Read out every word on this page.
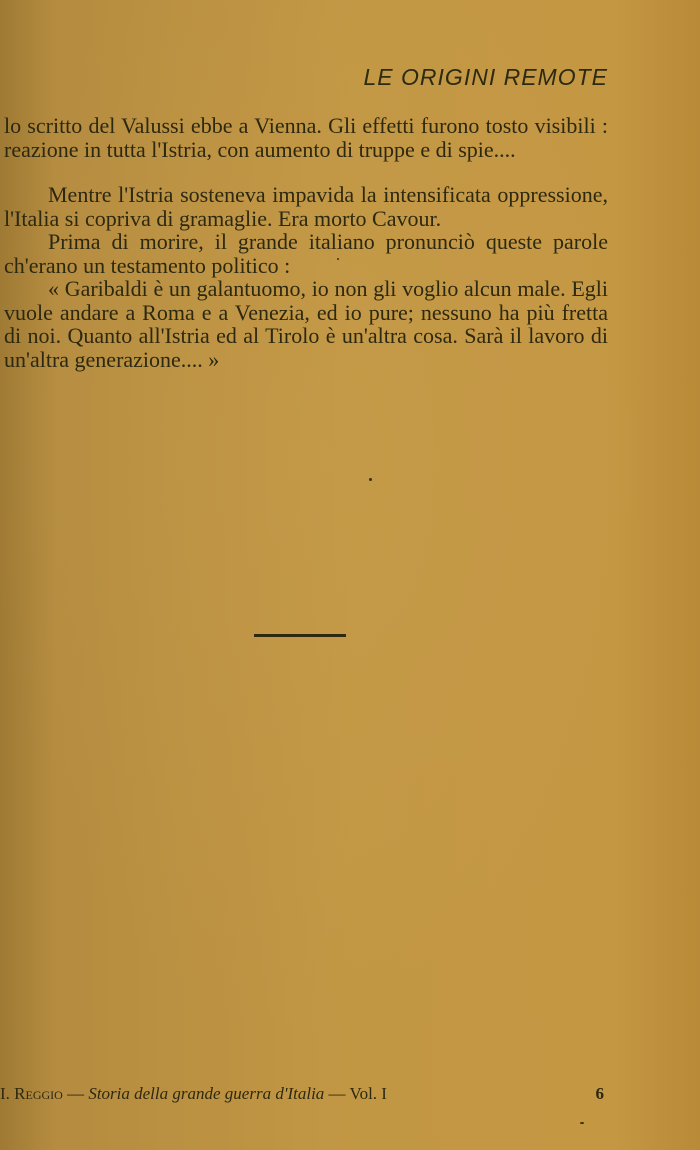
LE ORIGINI REMOTE

lo scritto del Valussi ebbe a Vienna. Gli effetti furono tosto visibili : reazione in tutta l'Istria, con aumento di truppe e di spie....

Mentre l'Istria sosteneva impavida la intensificata oppressione, l'Italia si copriva di gramaglie. Era morto Cavour.

Prima di morire, il grande italiano pronunciò queste parole ch'erano un testamento politico :

« Garibaldi è un galantuomo, io non gli voglio alcun male. Egli vuole andare a Roma e a Venezia, ed io pure; nessuno ha più fretta di noi. Quanto all'Istria ed al Tirolo è un'altra cosa. Sarà il lavoro di un'altra generazione.... »

I. Reggio — Storia della grande guerra d'Italia — Vol. I	6
